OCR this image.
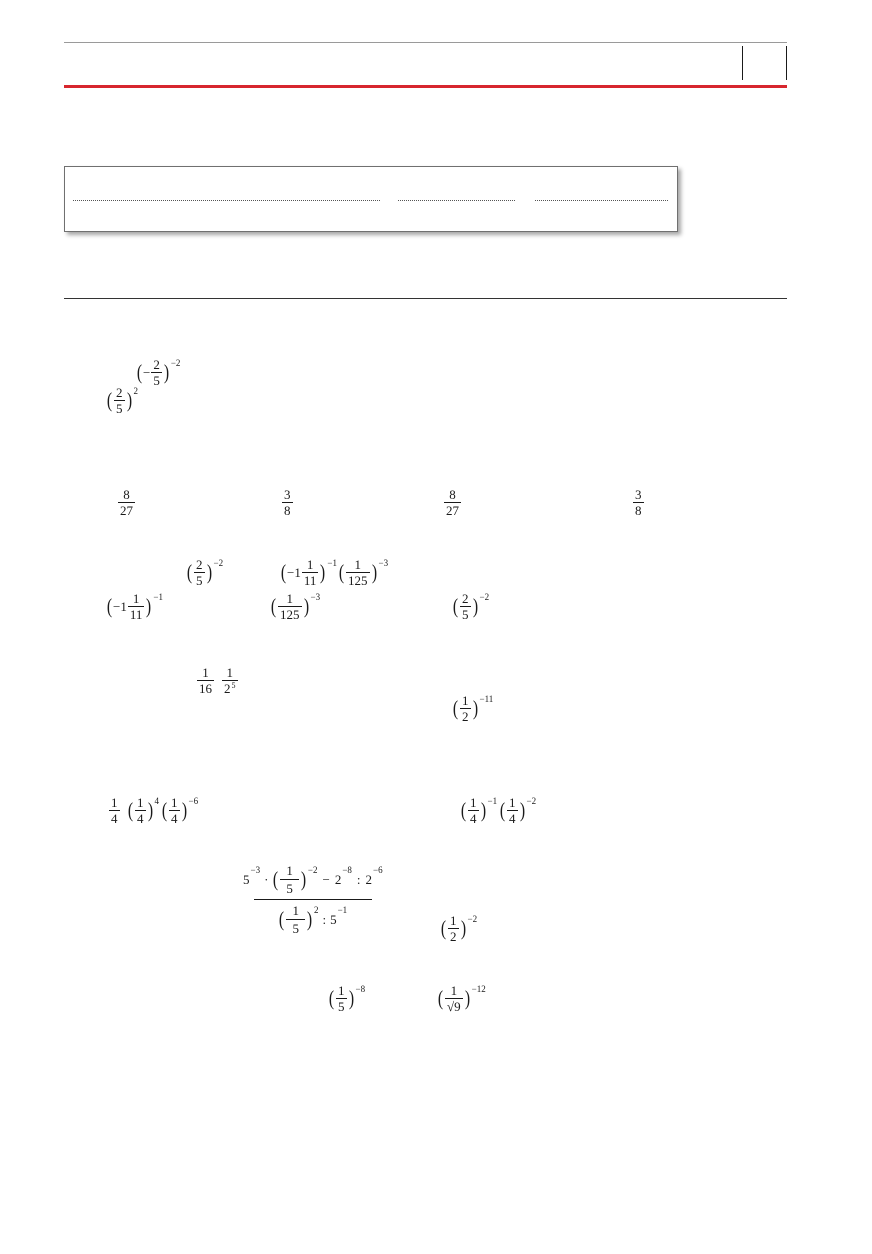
( − $\frac{2}{5}$ ) −2
( $\frac{2}{5}$ ) 2
$\frac{8}{27}$	$\frac{3}{8}$	$\frac{8}{27}$	$\frac{3}{8}$
( $\frac{2}{5}$ ) −2	( $-1 \frac{1}{11}$ ) −1 ( $\frac{1}{125}$ ) −3
( $-1 \frac{1}{11}$ ) −1	( $\frac{1}{125}$ ) −3	( $\frac{2}{5}$ ) −2
$\frac{1}{16} \frac{1}{2^5}$
( $\frac{1}{2}$ ) −11
$\frac{1}{4}$ ( $\frac{1}{4}$ ) 4 ( $\frac{1}{4}$ ) −6	( $\frac{1}{4}$ ) −1 ( $\frac{1}{4}$ ) −2
( $\frac{1}{2}$ ) −2
( $\frac{1}{5}$ ) −8	( $\frac{1}{√9}$ ) −12
5
−3
· ( $\frac{1}{5}$ ) −2
− 2
−8
: 2
−6
( $\frac{1}{5}$ ) 2
: 5
−1
